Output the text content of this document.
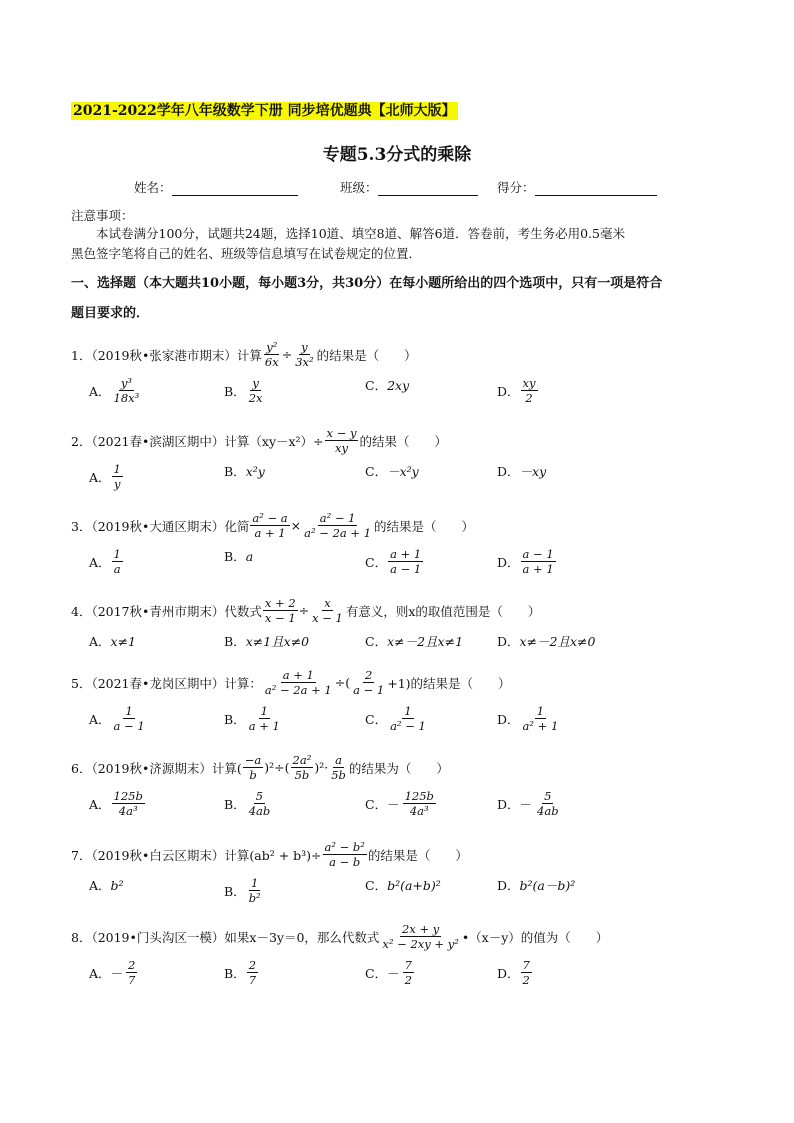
2021-2022学年八年级数学下册 同步培优题典【北师大版】
专题5.3分式的乘除
姓名：	班级：	得分：
注意事项：
本试卷满分100分，试题共24题，选择10道、填空8道、解答6道．答卷前，考生务必用0.5毫米
黑色签字笔将自己的姓名、班级等信息填写在试卷规定的位置．
一、选择题（本大题共10小题，每小题3分，共30分）在每小题所给出的四个选项中，只有一项是符合
题目要求的．
1．（2019秋•张家港市期末）计算 $\frac{\text{y²}}{6x} \div \frac{y}{\text{3x²}}$ 的结果是（　　）
A． $\frac{\text{y³}}{\text{18x³}}$	B． $\frac{y}{2x}$	C． 2xy	D． $\frac{xy}{2}$
2．（2021春•滨湖区期中）计算$(xy-x^2)\div \frac{x - y}{xy}$ 的结果（　　）
A． $\frac{1}{y}$	B． x²y	C． －x²y	D． －xy
3．（2019秋•大通区期末）化简 $\frac{\text{a² − a}}{a + 1} \times \frac{\text{a² − 1}}{\text{a² − 2a + 1}}$ 的结果是（　　）
A． $\frac{1}{a}$	B． a	C． $\frac{a + 1}{a - 1}$	D． $\frac{a - 1}{a + 1}$
4．（2017秋•青州市期末）代数式 $\frac{x + 2}{x - 1} \div \frac{x}{x - 1}$ 有意义，则x的取值范围是（　　）
A． x≠1	B． x≠1且x≠0	C． x≠－2且x≠1	D． x≠－2且x≠0
5．（2021春•龙岗区期中）计算： $\frac{a + 1}{\text{a² − 2a + 1}}$ ÷( $\frac{2}{a - 1} +1$)的结果是（　　）
A． $\frac{1}{a - 1}$	B． $\frac{1}{a + 1}$	C． $\frac{1}{\text{a² − 1}}$	D． $\frac{1}{\text{a² + 1}}$
6．（2019秋•济源期末）计算( $\frac{-a}{b} )^2\div( \frac{\text{2a²}}{5b} )^2\cdot \frac{a}{5b}$ 的结果为（　　）
A． $\frac{125b}{\text{4a³}}$	B． $\frac{5}{4ab}$	C． － $\frac{125b}{\text{4a³}}$	D． － $\frac{5}{4ab}$
7．（2019秋•白云区期末）计算$(ab^2 + b^3)\div \frac{\text{a² − b²}}{a - b}$ 的结果是（　　）
A． b²	B． $\frac{1}{\text{b²}}$	C． b²(a+b)²	D． b²(a－b)²
8．（2019•门头沟区一模）如果x－3y＝0，那么代数式 $\frac{2x + y}{\text{x² − 2xy + y²}}$ •（x－y）的值为（　　）
A． － $\frac{2}{7}$	B． $\frac{2}{7}$	C． － $\frac{7}{2}$	D． $\frac{7}{2}$
